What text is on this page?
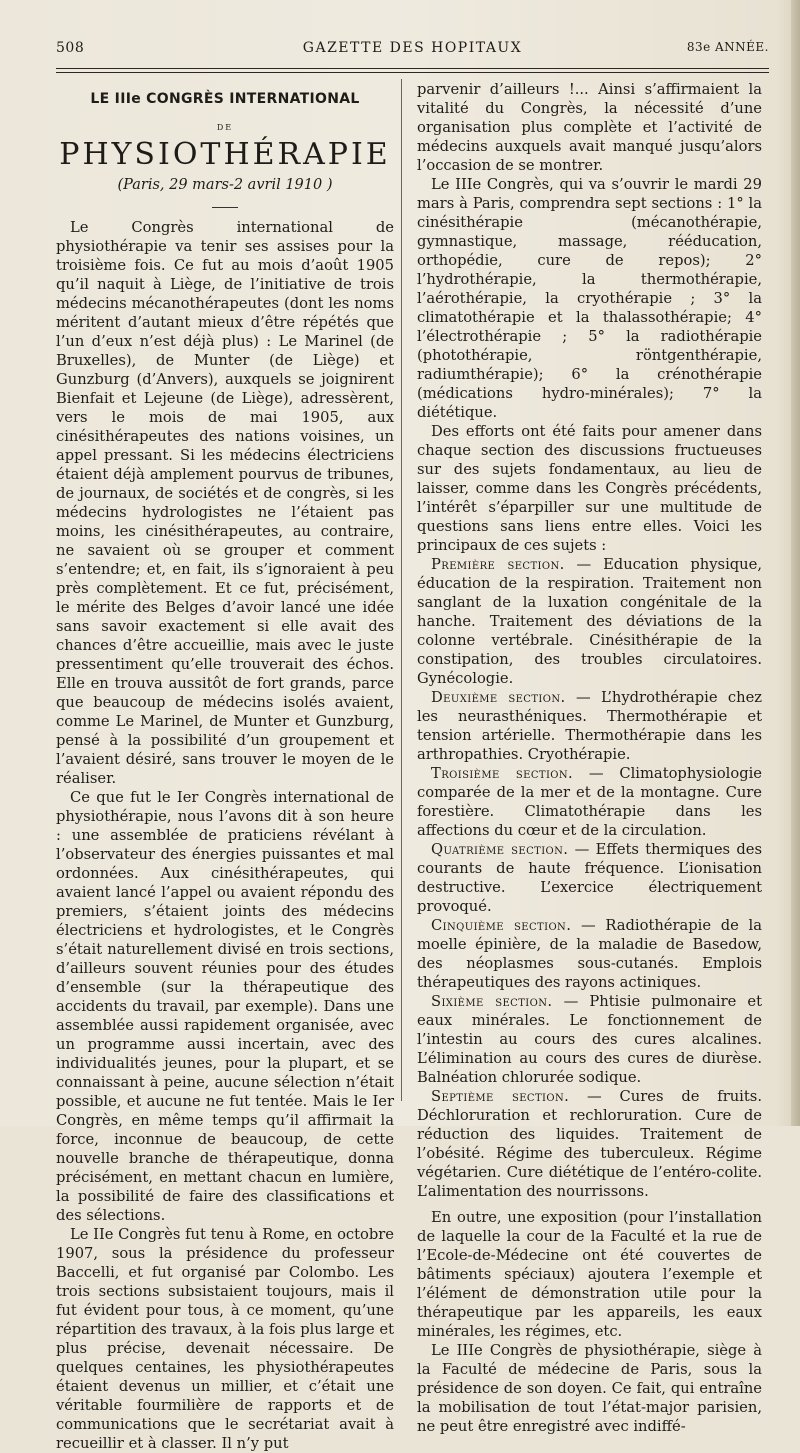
508	GAZETTE DES HOPITAUX	83e ANNÉE.
LE IIIe CONGRÈS INTERNATIONAL
DE
PHYSIOTHÉRAPIE
(Paris, 29 mars-2 avril 1910 )

Le Congrès international de physiothérapie va tenir ses assises pour la troisième fois. Ce fut au mois d’août 1905 qu’il naquit à Liège, de l’initiative de trois médecins mécanothérapeutes (dont les noms méritent d’autant mieux d’être répétés que l’un d’eux n’est déjà plus) : Le Marinel (de Bruxelles), de Munter (de Liège) et Gunzburg (d’Anvers), auxquels se joignirent Bienfait et Lejeune (de Liège), adressèrent, vers le mois de mai 1905, aux cinésithérapeutes des nations voisines, un appel pressant. Si les médecins électriciens étaient déjà amplement pourvus de tribunes, de journaux, de sociétés et de congrès, si les médecins hydrologistes ne l’étaient pas moins, les cinésithérapeutes, au contraire, ne savaient où se grouper et comment s’entendre; et, en fait, ils s’ignoraient à peu près complètement. Et ce fut, précisément, le mérite des Belges d’avoir lancé une idée sans savoir exactement si elle avait des chances d’être accueillie, mais avec le juste pressentiment qu’elle trouverait des échos. Elle en trouva aussitôt de fort grands, parce que beaucoup de médecins isolés avaient, comme Le Marinel, de Munter et Gunzburg, pensé à la possibilité d’un groupement et l’avaient désiré, sans trouver le moyen de le réaliser.

Ce que fut le Ier Congrès international de physiothérapie, nous l’avons dit à son heure : une assemblée de praticiens révélant à l’observateur des énergies puissantes et mal ordonnées. Aux cinésithérapeutes, qui avaient lancé l’appel ou avaient répondu des premiers, s’étaient joints des médecins électriciens et hydrologistes, et le Congrès s’était naturellement divisé en trois sections, d’ailleurs souvent réunies pour des études d’ensemble (sur la thérapeutique des accidents du travail, par exemple). Dans une assemblée aussi rapidement organisée, avec un programme aussi incertain, avec des individualités jeunes, pour la plupart, et se connaissant à peine, aucune sélection n’était possible, et aucune ne fut tentée. Mais le Ier Congrès, en même temps qu’il affirmait la force, inconnue de beaucoup, de cette nouvelle branche de thérapeutique, donna précisément, en mettant chacun en lumière, la possibilité de faire des classifications et des sélections.

Le IIe Congrès fut tenu à Rome, en octobre 1907, sous la présidence du professeur Baccelli, et fut organisé par Colombo. Les trois sections subsistaient toujours, mais il fut évident pour tous, à ce moment, qu’une répartition des travaux, à la fois plus large et plus précise, devenait nécessaire. De quelques centaines, les physiothérapeutes étaient devenus un millier, et c’était une véritable fourmilière de rapports et de communications que le secrétariat avait à recueillir et à classer. Il n’y put

parvenir d’ailleurs !... Ainsi s’affirmaient la vitalité du Congrès, la nécessité d’une organisation plus complète et l’activité de médecins auxquels avait manqué jusqu’alors l’occasion de se montrer.

Le IIIe Congrès, qui va s’ouvrir le mardi 29 mars à Paris, comprendra sept sections : 1° la cinésithérapie (mécanothérapie, gymnastique, massage, rééducation, orthopédie, cure de repos); 2° l’hydrothérapie, la thermothérapie, l’aérothérapie, la cryothérapie ; 3° la climatothérapie et la thalassothérapie; 4° l’électrothérapie ; 5° la radiothérapie (photothérapie, röntgenthérapie, radiumthérapie); 6° la crénothérapie (médications hydro-minérales); 7° la diététique.

Des efforts ont été faits pour amener dans chaque section des discussions fructueuses sur des sujets fondamentaux, au lieu de laisser, comme dans les Congrès précédents, l’intérêt s’éparpiller sur une multitude de questions sans liens entre elles. Voici les principaux de ces sujets :

Première section. — Education physique, éducation de la respiration. Traitement non sanglant de la luxation congénitale de la hanche. Traitement des déviations de la colonne vertébrale. Cinésithérapie de la constipation, des troubles circulatoires. Gynécologie.

Deuxième section. — L’hydrothérapie chez les neurasthéniques. Thermothérapie et tension artérielle. Thermothérapie dans les arthropathies. Cryothérapie.

Troisième section. — Climatophysiologie comparée de la mer et de la montagne. Cure forestière. Climatothérapie dans les affections du cœur et de la circulation.

Quatrième section. — Effets thermiques des courants de haute fréquence. L’ionisation destructive. L’exercice électriquement provoqué.

Cinquième section. — Radiothérapie de la moelle épinière, de la maladie de Basedow, des néoplasmes sous-cutanés. Emplois thérapeutiques des rayons actiniques.

Sixième section. — Phtisie pulmonaire et eaux minérales. Le fonctionnement de l’intestin au cours des cures alcalines. L’élimination au cours des cures de diurèse. Balnéation chlorurée sodique.

Septième section. — Cures de fruits. Déchloruration et rechloruration. Cure de réduction des liquides. Traitement de l’obésité. Régime des tuberculeux. Régime végétarien. Cure diététique de l’entéro-colite. L’alimentation des nourrissons.

En outre, une exposition (pour l’installation de laquelle la cour de la Faculté et la rue de l’Ecole-de-Médecine ont été couvertes de bâtiments spéciaux) ajoutera l’exemple et l’élément de démonstration utile pour la thérapeutique par les appareils, les eaux minérales, les régimes, etc.

Le IIIe Congrès de physiothérapie, siège à la Faculté de médecine de Paris, sous la présidence de son doyen. Ce fait, qui entraîne la mobilisation de tout l’état-major parisien, ne peut être enregistré avec indiffé-
